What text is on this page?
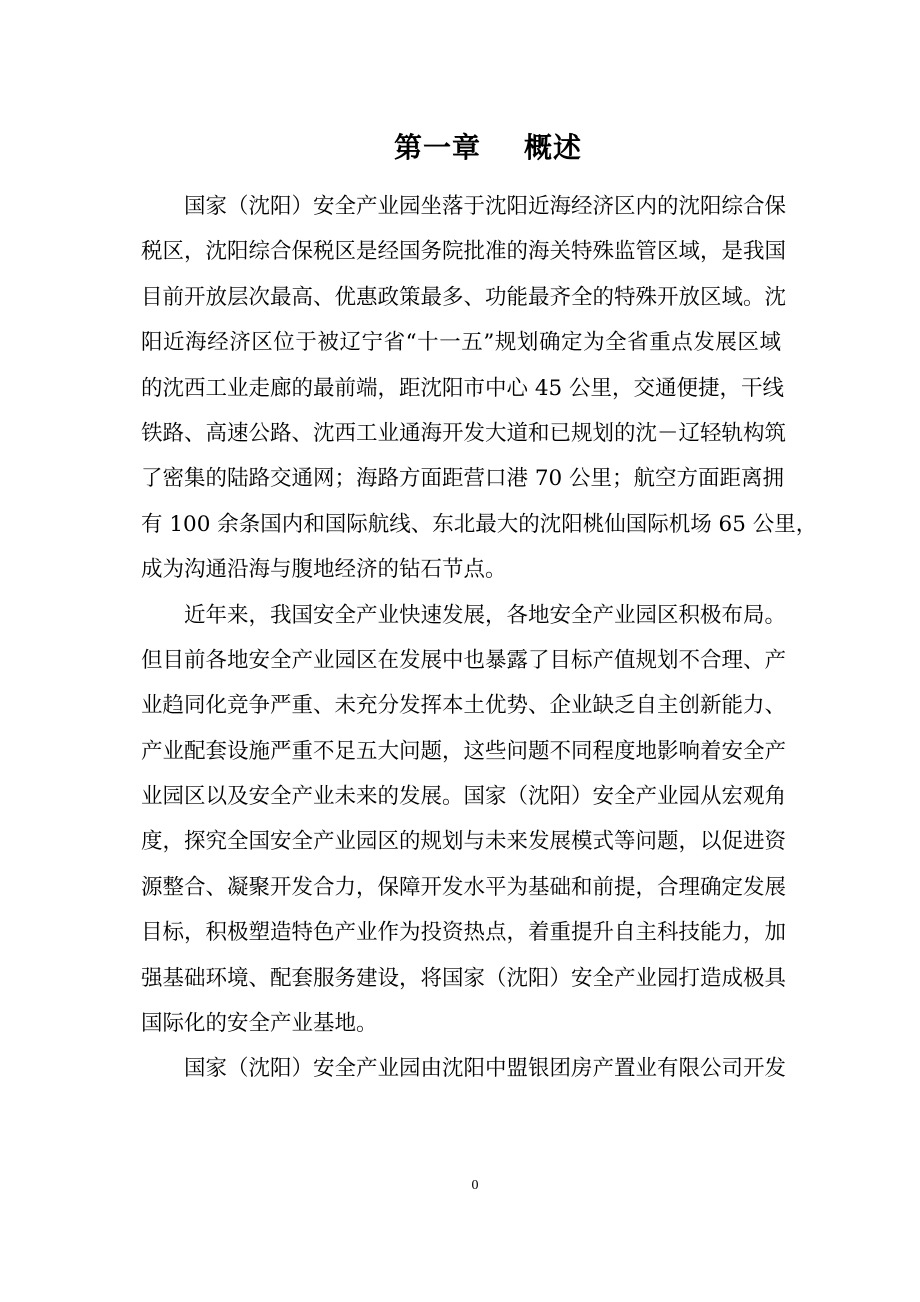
第一章    概述
国家（沈阳）安全产业园坐落于沈阳近海经济区内的沈阳综合保
税区，沈阳综合保税区是经国务院批准的海关特殊监管区域，是我国
目前开放层次最高、优惠政策最多、功能最齐全的特殊开放区域。沈
阳近海经济区位于被辽宁省“十一五”规划确定为全省重点发展区域
的沈西工业走廊的最前端，距沈阳市中心 45 公里，交通便捷，干线
铁路、高速公路、沈西工业通海开发大道和已规划的沈－辽轻轨构筑
了密集的陆路交通网；海路方面距营口港 70 公里；航空方面距离拥
有 100 余条国内和国际航线、东北最大的沈阳桃仙国际机场 65 公里，
成为沟通沿海与腹地经济的钻石节点。
近年来，我国安全产业快速发展，各地安全产业园区积极布局。
但目前各地安全产业园区在发展中也暴露了目标产值规划不合理、产
业趋同化竞争严重、未充分发挥本土优势、企业缺乏自主创新能力、
产业配套设施严重不足五大问题，这些问题不同程度地影响着安全产
业园区以及安全产业未来的发展。国家（沈阳）安全产业园从宏观角
度，探究全国安全产业园区的规划与未来发展模式等问题，以促进资
源整合、凝聚开发合力，保障开发水平为基础和前提，合理确定发展
目标，积极塑造特色产业作为投资热点，着重提升自主科技能力，加
强基础环境、配套服务建设，将国家（沈阳）安全产业园打造成极具
国际化的安全产业基地。
国家（沈阳）安全产业园由沈阳中盟银团房产置业有限公司开发
0
